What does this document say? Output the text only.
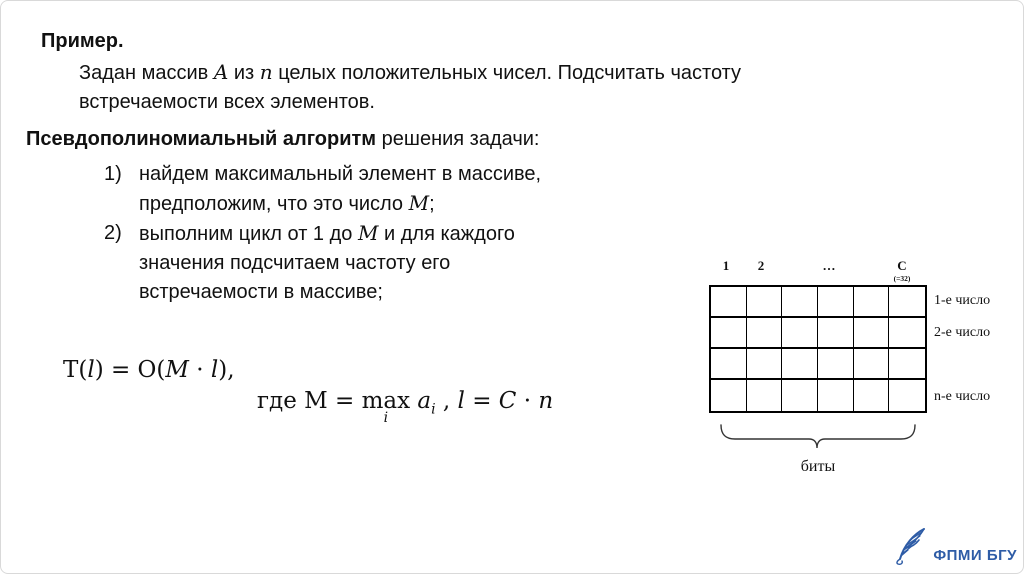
Пример.
Задан массив A из n целых положительных чисел. Подсчитать частоту
встречаемости всех элементов.
Псевдополиномиальный алгоритм решения задачи:
1) найдем максимальный элемент в массиве,
предположим, что это число M;
2) выполним цикл от 1 до M и для каждого
значения подсчитаем частоту его
встречаемости в массиве;
T(l) = O(M · l),
где M = max
i
$a_i$ , l = C · n
1 2	…	C
(=32)
1-е число
2-е число
n-е число
биты
ФПМИ БГУ
